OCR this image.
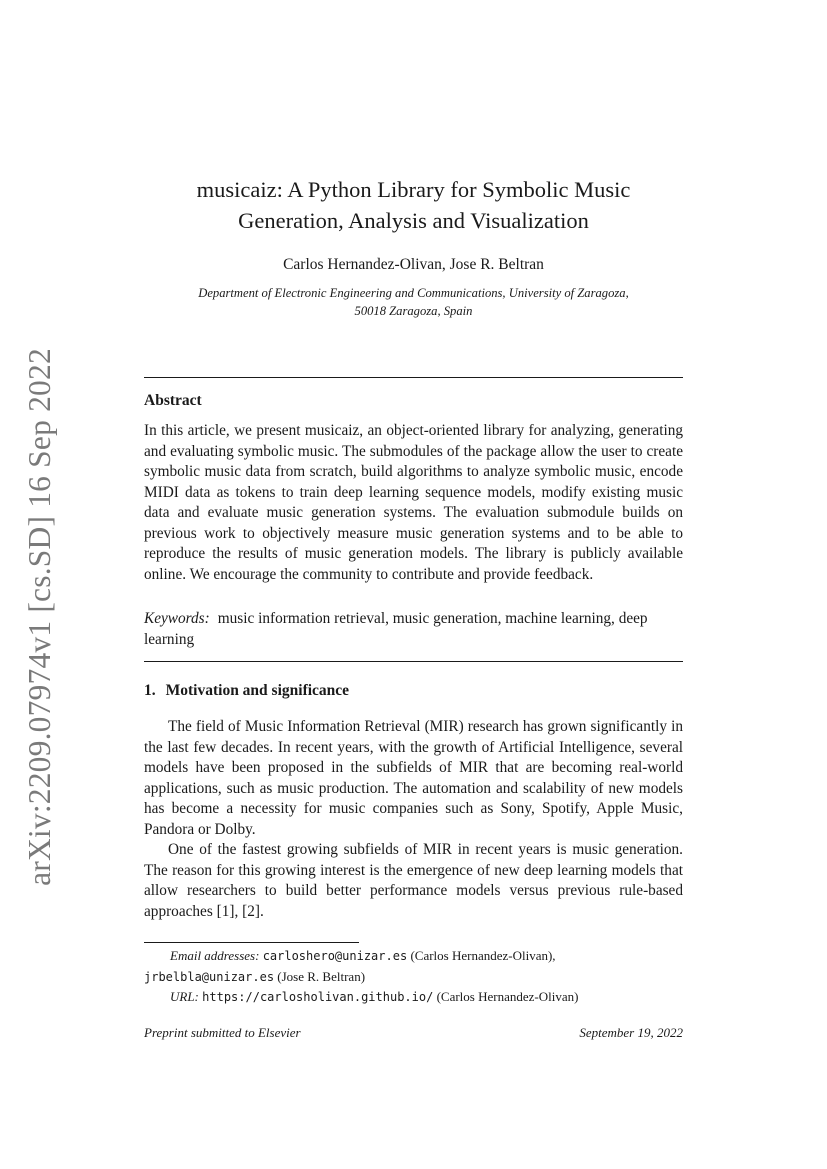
arXiv:2209.07974v1 [cs.SD] 16 Sep 2022
musicaiz: A Python Library for Symbolic Music
Generation, Analysis and Visualization
Carlos Hernandez-Olivan, Jose R. Beltran
Department of Electronic Engineering and Communications, University of Zaragoza,
50018 Zaragoza, Spain
Abstract
In this article, we present musicaiz, an object-oriented library for analyzing, generating and evaluating symbolic music. The submodules of the package allow the user to create symbolic music data from scratch, build algorithms to analyze symbolic music, encode MIDI data as tokens to train deep learning sequence models, modify existing music data and evaluate music generation systems. The evaluation submodule builds on previous work to objectively measure music generation systems and to be able to reproduce the results of music generation models. The library is publicly available online. We encourage the community to contribute and provide feedback.
Keywords: music information retrieval, music generation, machine learning, deep learning
1. Motivation and significance

The field of Music Information Retrieval (MIR) research has grown significantly in the last few decades. In recent years, with the growth of Artificial Intelligence, several models have been proposed in the subfields of MIR that are becoming real-world applications, such as music production. The automation and scalability of new models has become a necessity for music companies such as Sony, Spotify, Apple Music, Pandora or Dolby.

One of the fastest growing subfields of MIR in recent years is music generation. The reason for this growing interest is the emergence of new deep learning models that allow researchers to build better performance models versus previous rule-based approaches [1], [2].

Email addresses: carloshero@unizar.es (Carlos Hernandez-Olivan),
jrbelbla@unizar.es (Jose R. Beltran)
URL: https://carlosholivan.github.io/ (Carlos Hernandez-Olivan)
Preprint submitted to Elsevier	September 19, 2022
